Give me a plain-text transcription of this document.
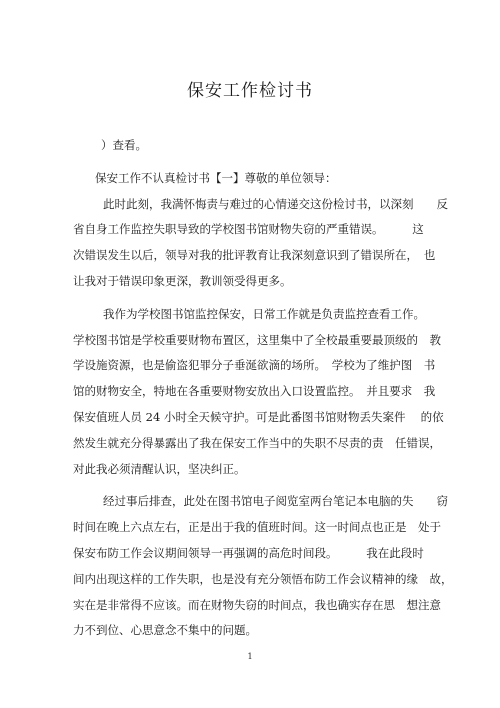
保安工作检讨书

）查看。

保安工作不认真检讨书【一】尊敬的单位领导：

此时此刻，我满怀悔责与难过的心情递交这份检讨书，以深刻　　反

省自身工作监控失职导致的学校图书馆财物失窃的严重错误。　　　这

次错误发生以后，领导对我的批评教育让我深刻意识到了错误所在，　也

让我对于错误印象更深，教训领受得更多。

我作为学校图书馆监控保安，日常工作就是负责监控查看工作。

学校图书馆是学校重要财物布置区，这里集中了全校最重要最顶级的　教

学设施资源，也是偷盗犯罪分子垂涎欲滴的场所。　学校为了维护图　书

馆的财物安全，特地在各重要财物安放出入口设置监控。　并且要求　我

保安值班人员 24 小时全天候守护。可是此番图书馆财物丢失案件　 的依

然发生就充分得暴露出了我在保安工作当中的失职不尽责的责　任错误，

对此我必须清醒认识，坚决纠正。

经过事后排查，此处在图书馆电子阅览室两台笔记本电脑的失　　窃

时间在晚上六点左右，正是出于我的值班时间。这一时间点也正是　处于

保安布防工作会议期间领导一再强调的高危时间段。　　　我在此段时

间内出现这样的工作失职，也是没有充分领悟布防工作会议精神的缘　故，

实在是非常得不应该。而在财物失窃的时间点，我也确实存在思　想注意

力不到位、心思意念不集中的问题。

1
